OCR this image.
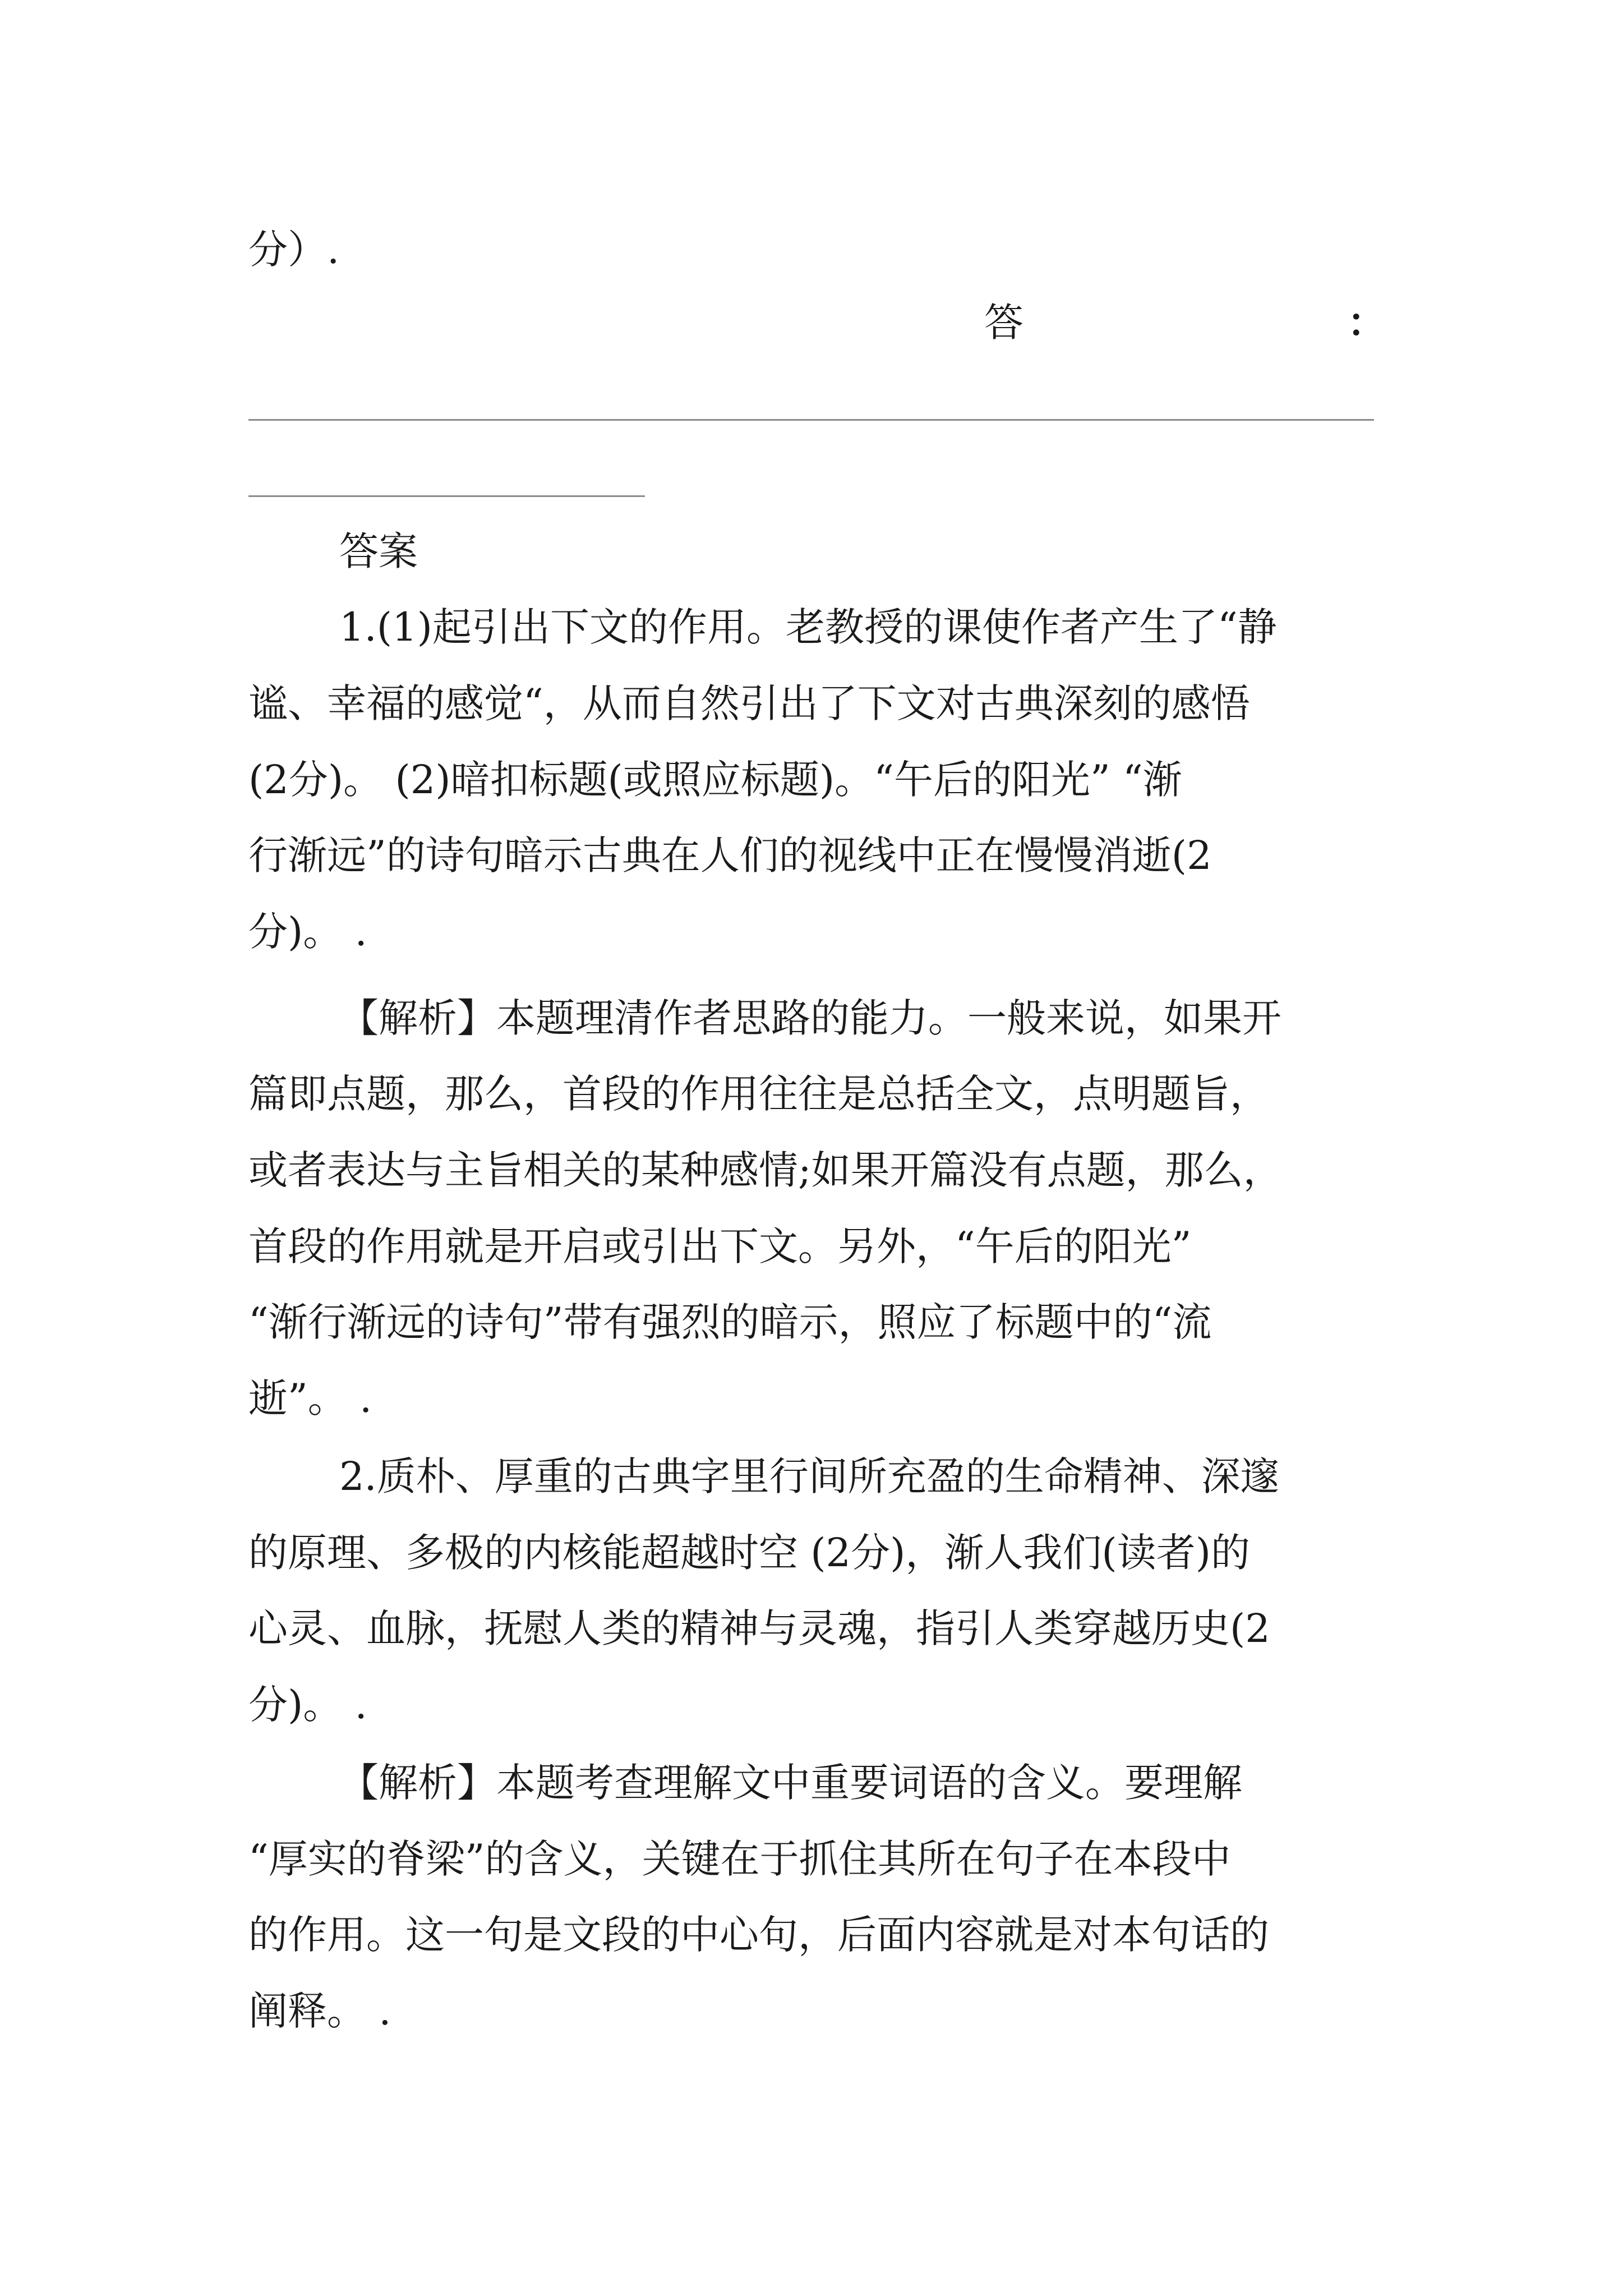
分）.
答	：
答案
1.(1)起引出下文的作用。老教授的课使作者产生了“静
谧、幸福的感觉“，从而自然引出了下文对古典深刻的感悟
(2分)。 (2)暗扣标题(或照应标题)。“午后的阳光” “渐
行渐远”的诗句暗示古典在人们的视线中正在慢慢消逝(2
分)。 .
【解析】本题理清作者思路的能力。一般来说，如果开
篇即点题，那么，首段的作用往往是总括全文，点明题旨，
或者表达与主旨相关的某种感情;如果开篇没有点题，那么，
首段的作用就是开启或引出下文。另外，“午后的阳光”
“渐行渐远的诗句”带有强烈的暗示，照应了标题中的“流
逝”。 .
2.质朴、厚重的古典字里行间所充盈的生命精神、深邃
的原理、多极的内核能超越时空 (2分)，渐人我们(读者)的
心灵、血脉，抚慰人类的精神与灵魂，指引人类穿越历史(2
分)。 .
【解析】本题考查理解文中重要词语的含义。要理解
“厚实的脊梁”的含义，关键在于抓住其所在句子在本段中
的作用。这一句是文段的中心句，后面内容就是对本句话的
阐释。 .
